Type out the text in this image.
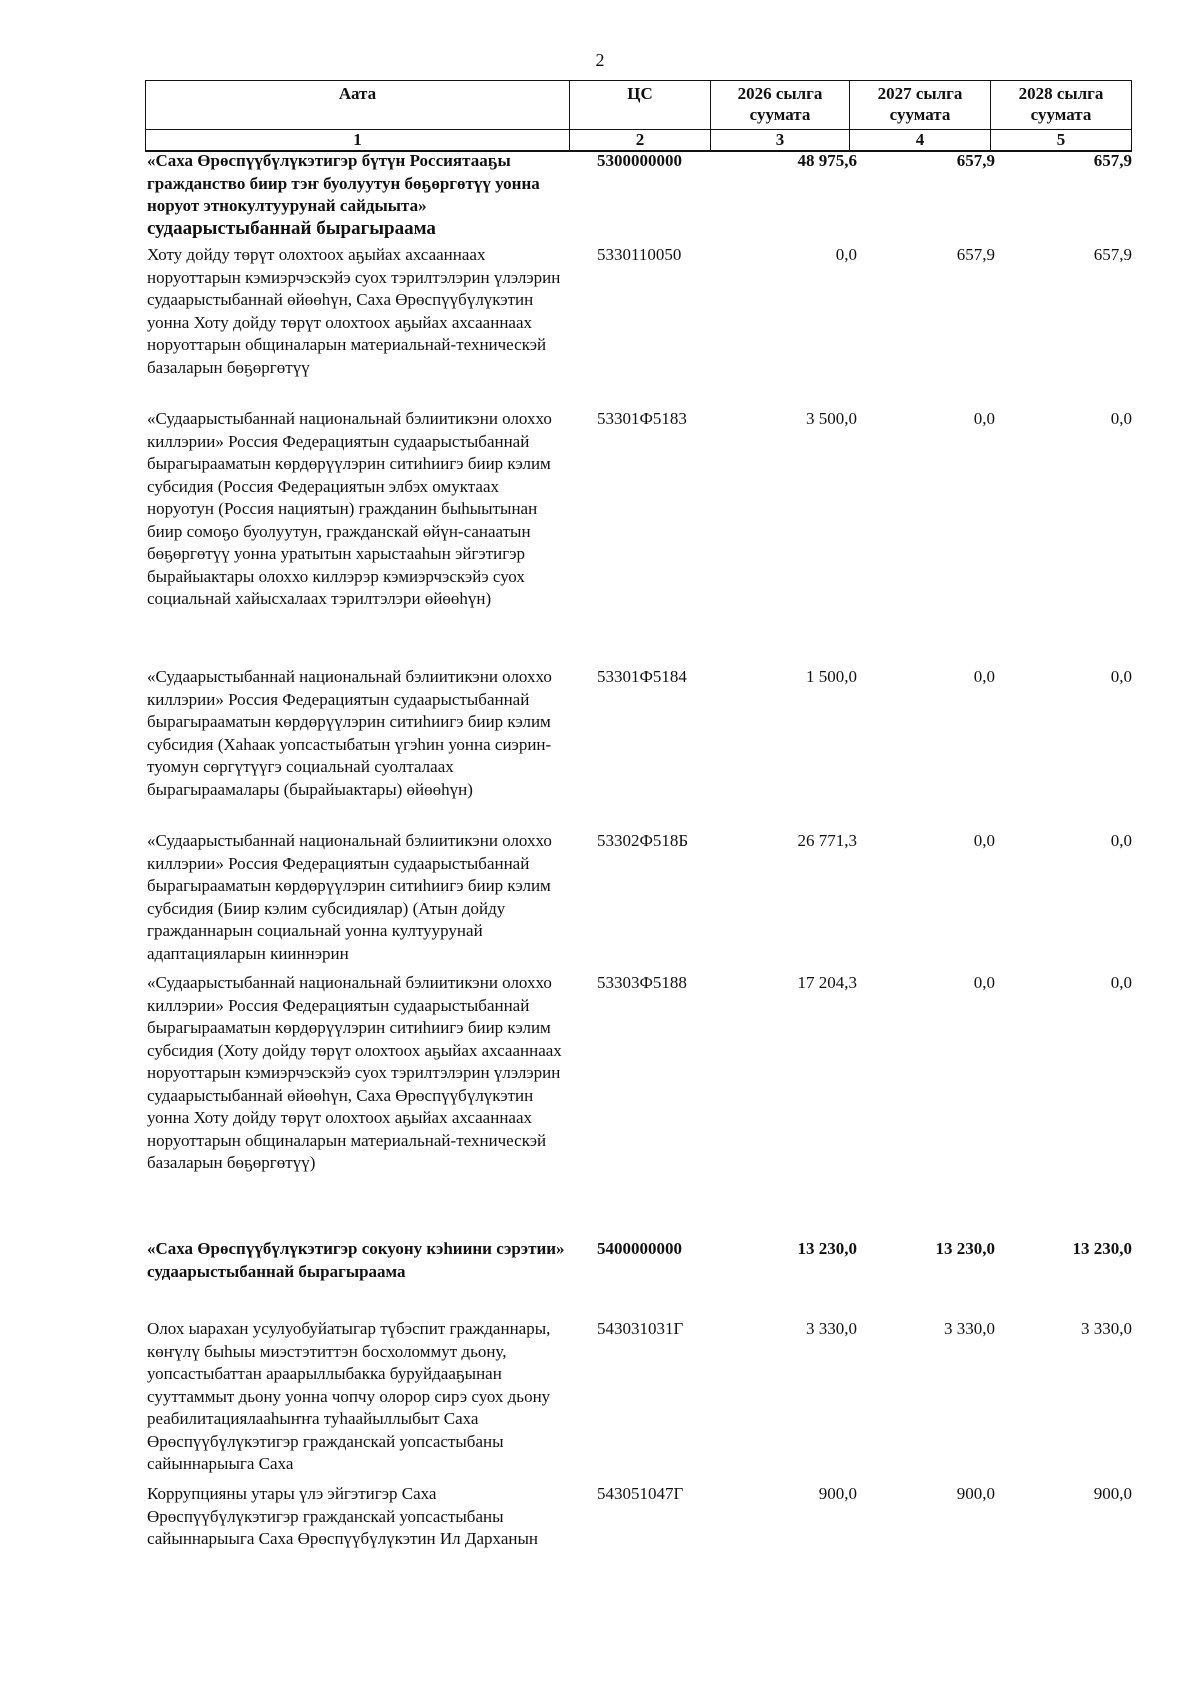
2
Аата	ЦС	2026 сылга суумата	2027 сылга суумата	2028 сылга суумата
1	2	3	4	5
«Саха Өрөспүүбүлүкэтигэр бүтүн Россиятааҕы
гражданство биир тэҥ буолуутун бөҕөргөтүү уонна
норуот этнокултуурунай сайдыыта»
судаарыстыбаннай бырагыраама
5300000000	48 975,6	657,9	657,9
Хоту дойду төрүт олохтоох аҕыйах ахсааннаах норуоттарын кэмиэрчэскэйэ суох тэрилтэлэрин үлэлэрин судаарыстыбаннай өйөөһүн, Саха Өрөспүүбүлүкэтин уонна Хоту дойду төрүт олохтоох аҕыйах ахсааннаах норуоттарын общиналарын материальнай-техническэй базаларын бөҕөргөтүү
5330110050	0,0	657,9	657,9
«Судаарыстыбаннай национальнай бэлиитикэни олоххо киллэрии» Россия Федерациятын судаарыстыбаннай бырагырааматын көрдөрүүлэрин ситиһиигэ биир кэлим субсидия (Россия Федерациятын элбэх омуктаах норуотун (Россия нациятын) гражданин быһыытынан биир сомоҕо буолуутун, гражданскай өйүн-санаатын бөҕөргөтүү уонна уратытын харыстааһын эйгэтигэр бырайыактары олоххо киллэрэр кэмиэрчэскэйэ суох социальнай хайысхалаах тэрилтэлэри өйөөһүн)
53301Ф5183	3 500,0	0,0	0,0
«Судаарыстыбаннай национальнай бэлиитикэни олоххо киллэрии» Россия Федерациятын судаарыстыбаннай бырагырааматын көрдөрүүлэрин ситиһиигэ биир кэлим субсидия (Хаһаак уопсастыбатын үгэһин уонна сиэрин-туомун сөргүтүүгэ социальнай суолталаах бырагыраамалары (бырайыактары) өйөөһүн)
53301Ф5184	1 500,0	0,0	0,0
«Судаарыстыбаннай национальнай бэлиитикэни олоххо киллэрии» Россия Федерациятын судаарыстыбаннай бырагырааматын көрдөрүүлэрин ситиһиигэ биир кэлим субсидия (Биир кэлим субсидиялар) (Атын дойду гражданнарын социальнай уонна култуурунай адаптацияларын кииннэрин
53302Ф518Б	26 771,3	0,0	0,0
«Судаарыстыбаннай национальнай бэлиитикэни олоххо киллэрии» Россия Федерациятын судаарыстыбаннай бырагырааматын көрдөрүүлэрин ситиһиигэ биир кэлим субсидия (Хоту дойду төрүт олохтоох аҕыйах ахсааннаах норуоттарын кэмиэрчэскэйэ суох тэрилтэлэрин үлэлэрин судаарыстыбаннай өйөөһүн, Саха Өрөспүүбүлүкэтин уонна Хоту дойду төрүт олохтоох аҕыйах ахсааннаах норуоттарын общиналарын материальнай-техническэй базаларын бөҕөргөтүү)
53303Ф5188	17 204,3	0,0	0,0
«Саха Өрөспүүбүлүкэтигэр сокуону кэһиини сэрэтии» судаарыстыбаннай бырагыраама
5400000000	13 230,0	13 230,0	13 230,0
Олох ыарахан усулуобуйатыгар түбэспит гражданнары, көҥүлү быһыы миэстэтиттэн босхоломмут дьону, уопсастыбаттан араарыллыбакка буруйдааҕынан сууттаммыт дьону уонна чопчу олорор сирэ суох дьону реабилитациялааһыҥҥа туһаайыллыбыт Саха Өрөспүүбүлүкэтигэр гражданскай уопсастыбаны сайыннарыыга Саха
543031031Г	3 330,0	3 330,0	3 330,0
Коррупцияны утары үлэ эйгэтигэр Саха Өрөспүүбүлүкэтигэр гражданскай уопсастыбаны сайыннарыыга Саха Өрөспүүбүлүкэтин Ил Дарханын
543051047Г	900,0	900,0	900,0
